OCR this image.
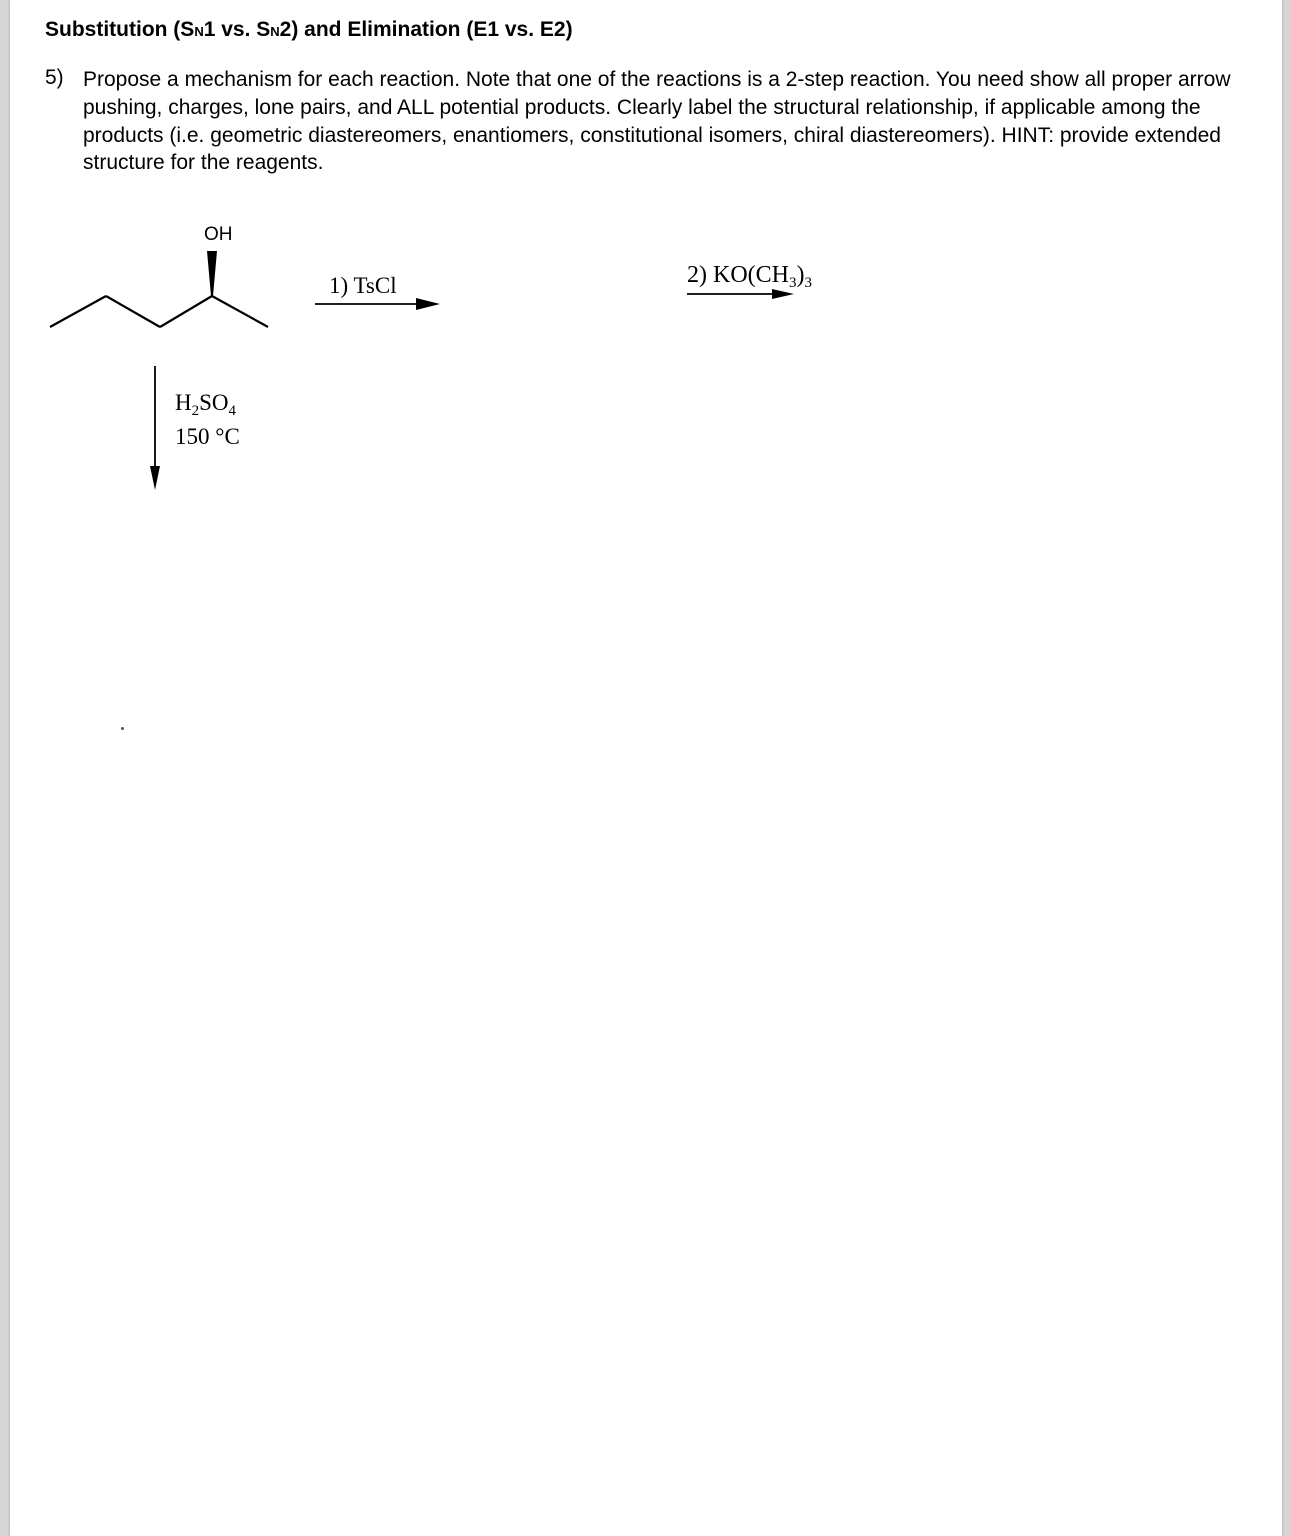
Substitution (SN1 vs. SN2) and Elimination (E1 vs. E2)
5) Propose a mechanism for each reaction. Note that one of the reactions is a 2-step reaction. You need show all proper arrow pushing, charges, lone pairs, and ALL potential products. Clearly label the structural relationship, if applicable among the products (i.e. geometric diastereomers, enantiomers, constitutional isomers, chiral diastereomers). HINT: provide extended structure for the reagents.
OH
1) TsCl	2) $KO(CH_3)_3$
$H_2SO_4$
150 °C
